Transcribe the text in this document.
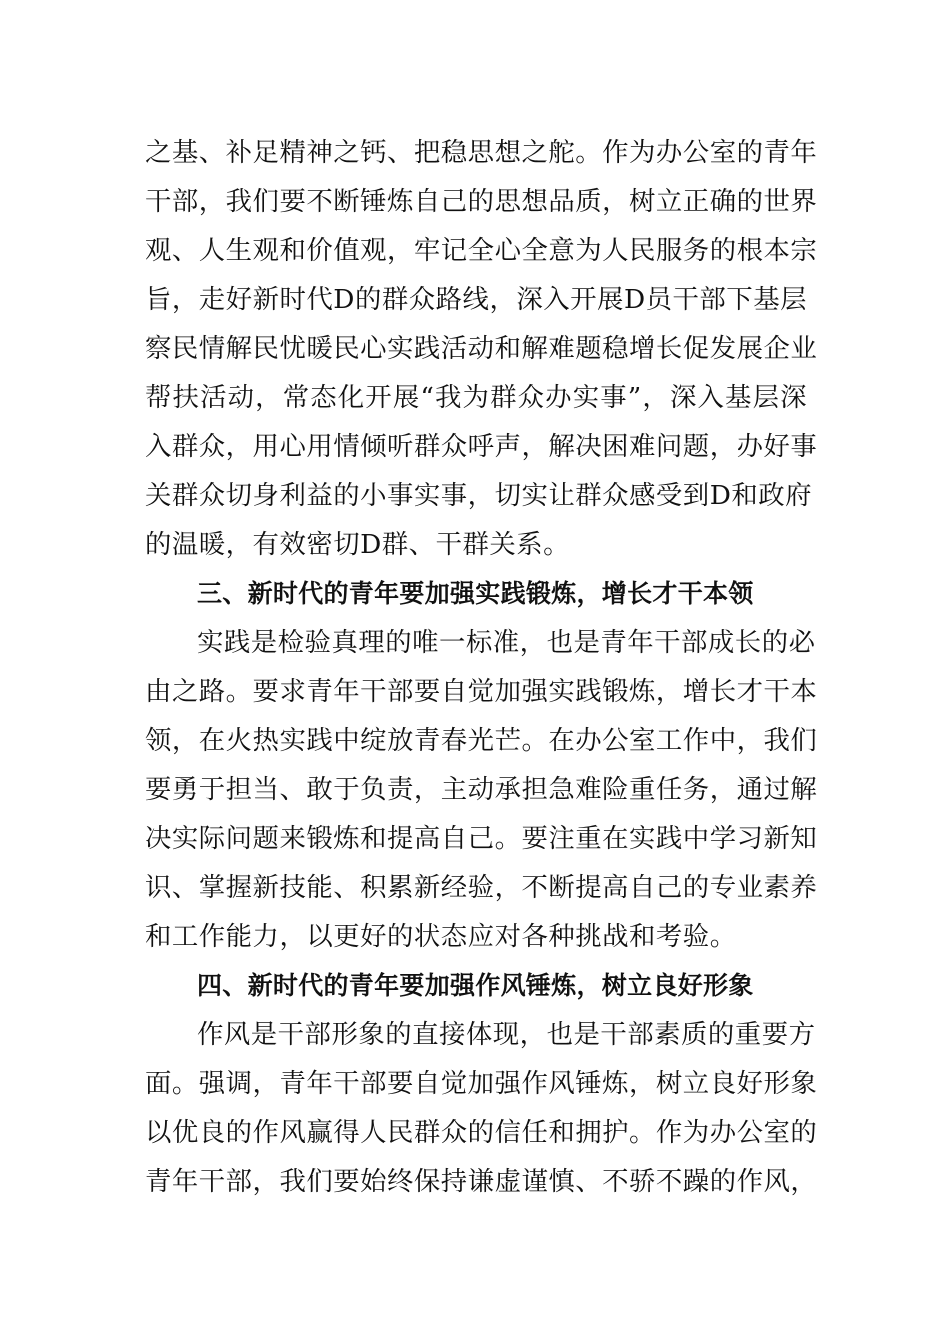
之基、补足精神之钙、把稳思想之舵。作为办公室的青年
干部，我们要不断锤炼自己的思想品质，树立正确的世界
观、人生观和价值观，牢记全心全意为人民服务的根本宗
旨，走好新时代D的群众路线，深入开展D员干部下基层
察民情解民忧暖民心实践活动和解难题稳增长促发展企业
帮扶活动，常态化开展“我为群众办实事”，深入基层深
入群众，用心用情倾听群众呼声，解决困难问题，办好事
关群众切身利益的小事实事，切实让群众感受到D和政府
的温暖，有效密切D群、干群关系。
三、新时代的青年要加强实践锻炼，增长才干本领
实践是检验真理的唯一标准，也是青年干部成长的必
由之路。要求青年干部要自觉加强实践锻炼，增长才干本
领，在火热实践中绽放青春光芒。在办公室工作中，我们
要勇于担当、敢于负责，主动承担急难险重任务，通过解
决实际问题来锻炼和提高自己。要注重在实践中学习新知
识、掌握新技能、积累新经验，不断提高自己的专业素养
和工作能力，以更好的状态应对各种挑战和考验。
四、新时代的青年要加强作风锤炼，树立良好形象
作风是干部形象的直接体现，也是干部素质的重要方
面。强调，青年干部要自觉加强作风锤炼，树立良好形象
以优良的作风赢得人民群众的信任和拥护。作为办公室的
青年干部，我们要始终保持谦虚谨慎、不骄不躁的作风，
